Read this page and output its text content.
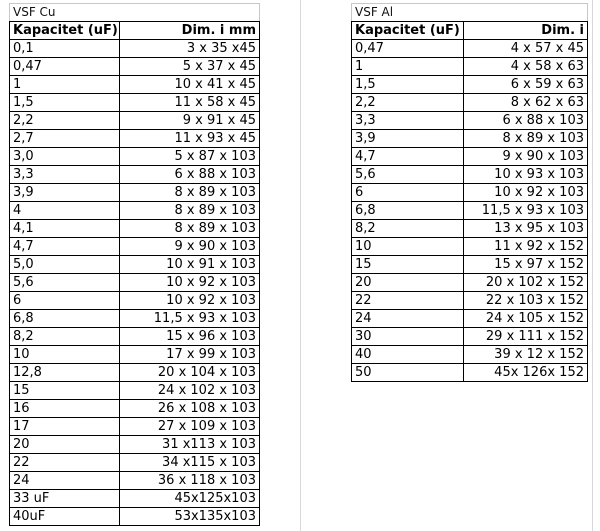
VSF Cu	
Kapacitet (uF)	Dim. i mm
0,1	3 x 35 x45
0,47	5 x 37 x 45
1	10 x 41 x 45
1,5	11 x 58 x 45
2,2	9 x 91 x 45
2,7	11 x 93 x 45
3,0	5 x 87 x 103
3,3	6 x 88 x 103
3,9	8 x 89 x 103
4	8 x 89 x 103
4,1	8 x 89 x 103
4,7	9 x 90 x 103
5,0	10 x 91 x 103
5,6	10 x 92 x 103
6	10 x 92 x 103
6,8	11,5 x 93 x 103
8,2	15 x 96 x 103
10	17 x 99 x 103
12,8	20 x 104 x 103
15	24 x 102 x 103
16	26 x 108 x 103
17	27 x 109 x 103
20	31 x113 x 103
22	34 x115 x 103
24	36 x 118 x 103
33 uF	45x125x103
40uF	53x135x103
VSF Al	
Kapacitet (uF)	Dim. i
0,47	4 x 57 x 45
1	4 x 58 x 63
1,5	6 x 59 x 63
2,2	8 x 62 x 63
3,3	6 x 88 x 103
3,9	8 x 89 x 103
4,7	9 x 90 x 103
5,6	10 x 93 x 103
6	10 x 92 x 103
6,8	11,5 x 93 x 103
8,2	13 x 95 x 103
10	11 x 92 x 152
15	15 x 97 x 152
20	20 x 102 x 152
22	22 x 103 x 152
24	24 x 105 x 152
30	29 x 111 x 152
40	39 x 12 x 152
50	45x 126x 152
